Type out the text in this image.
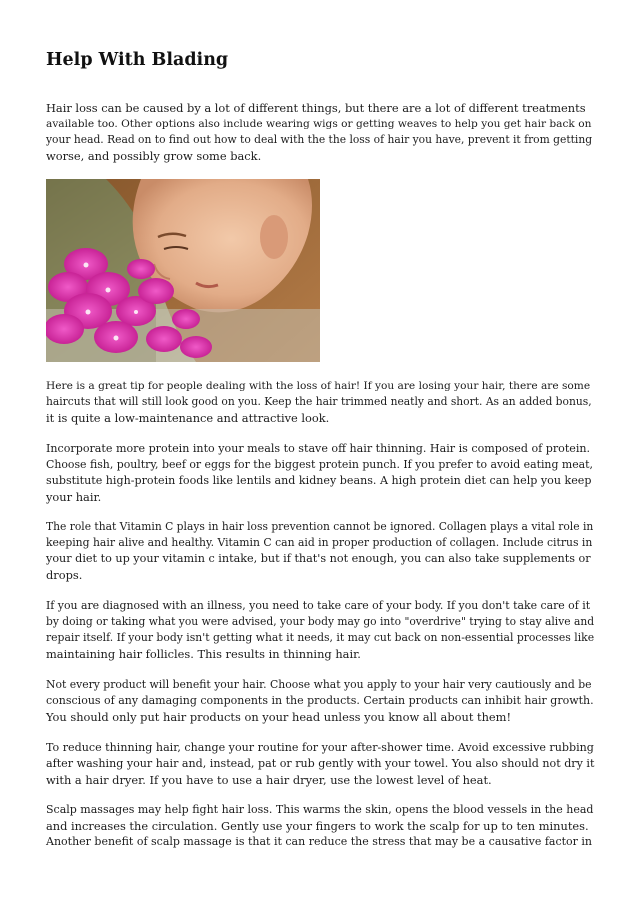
Help With Blading

Hair loss can be caused by a lot of different things, but there are a lot of different treatments
available too. Other options also include wearing wigs or getting weaves to help you get hair back on
your head. Read on to find out how to deal with the the loss of hair you have, prevent it from getting
worse, and possibly grow some back.

Here is a great tip for people dealing with the loss of hair! If you are losing your hair, there are some
haircuts that will still look good on you. Keep the hair trimmed neatly and short. As an added bonus,
it is quite a low-maintenance and attractive look.

Incorporate more protein into your meals to stave off hair thinning. Hair is composed of protein.
Choose fish, poultry, beef or eggs for the biggest protein punch. If you prefer to avoid eating meat,
substitute high-protein foods like lentils and kidney beans. A high protein diet can help you keep
your hair.

The role that Vitamin C plays in hair loss prevention cannot be ignored. Collagen plays a vital role in
keeping hair alive and healthy. Vitamin C can aid in proper production of collagen. Include citrus in
your diet to up your vitamin c intake, but if that's not enough, you can also take supplements or
drops.

If you are diagnosed with an illness, you need to take care of your body. If you don't take care of it
by doing or taking what you were advised, your body may go into "overdrive" trying to stay alive and
repair itself. If your body isn't getting what it needs, it may cut back on non-essential processes like
maintaining hair follicles. This results in thinning hair.

Not every product will benefit your hair. Choose what you apply to your hair very cautiously and be
conscious of any damaging components in the products. Certain products can inhibit hair growth.
You should only put hair products on your head unless you know all about them!

To reduce thinning hair, change your routine for your after-shower time. Avoid excessive rubbing
after washing your hair and, instead, pat or rub gently with your towel. You also should not dry it
with a hair dryer. If you have to use a hair dryer, use the lowest level of heat.

Scalp massages may help fight hair loss. This warms the skin, opens the blood vessels in the head
and increases the circulation. Gently use your fingers to work the scalp for up to ten minutes.
Another benefit of scalp massage is that it can reduce the stress that may be a causative factor in
